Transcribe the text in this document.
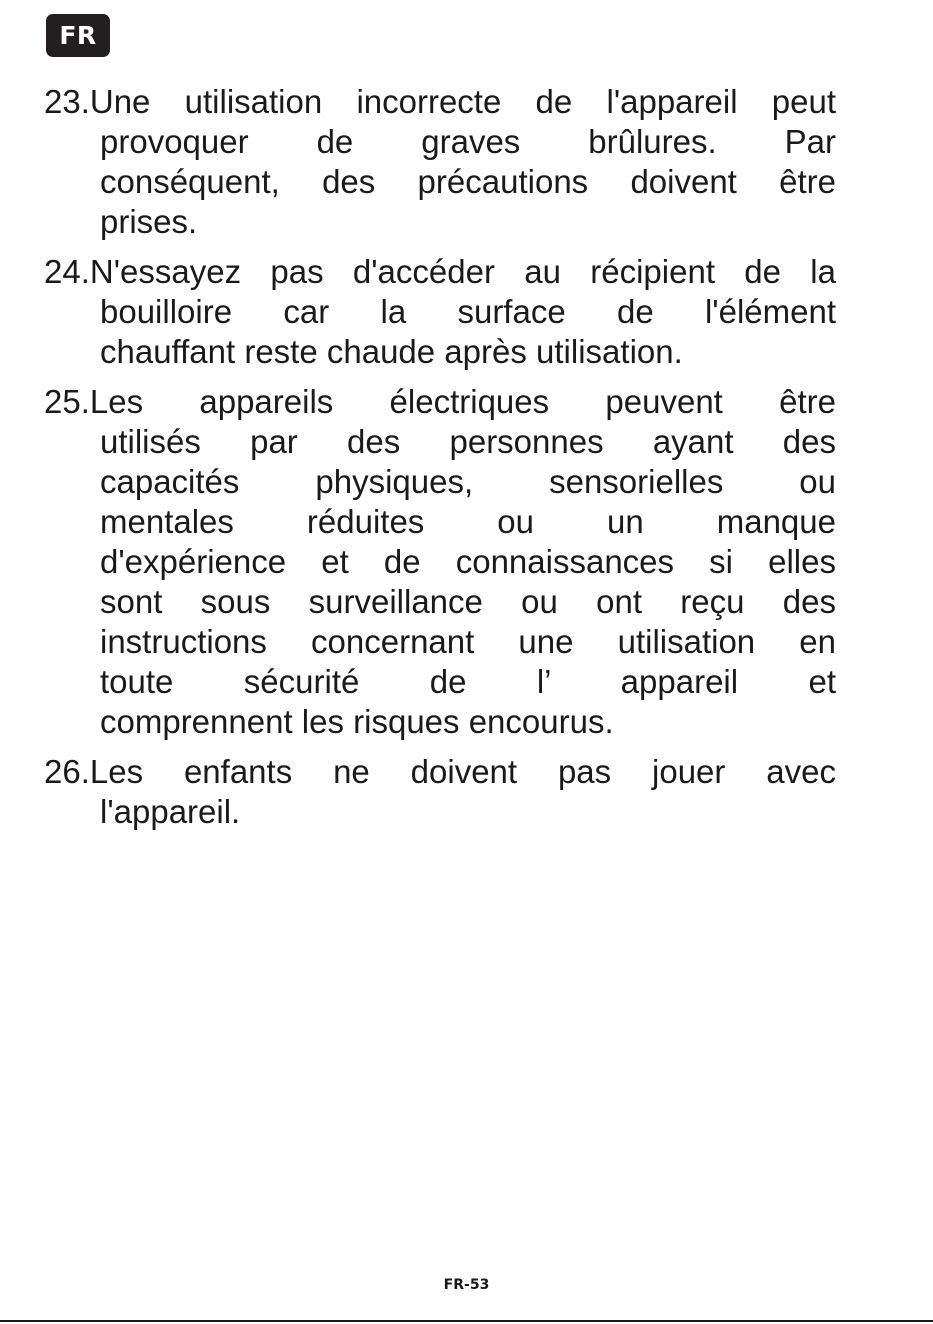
FR
23.Une utilisation incorrecte de l'appareil peut
provoquer de graves brûlures. Par
conséquent, des précautions doivent être
prises.
24.N'essayez pas d'accéder au récipient de la
bouilloire car la surface de l'élément
chauffant reste chaude après utilisation.
25.Les appareils électriques peuvent être
utilisés par des personnes ayant des
capacités physiques, sensorielles ou
mentales réduites ou un manque
d'expérience et de connaissances si elles
sont sous surveillance ou ont reçu des
instructions concernant une utilisation en
toute sécurité de l’ appareil et
comprennent les risques encourus.
26.Les enfants ne doivent pas jouer avec
l'appareil.
FR-53
